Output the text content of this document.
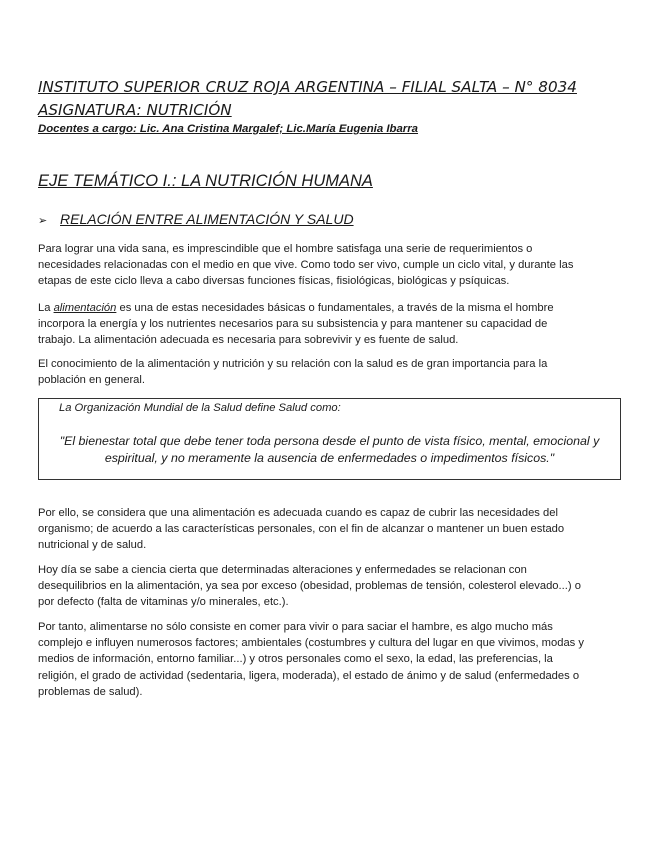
INSTITUTO SUPERIOR CRUZ ROJA ARGENTINA – FILIAL SALTA – N° 8034
ASIGNATURA: NUTRICIÓN
Docentes a cargo: Lic. Ana Cristina Margalef; Lic.María Eugenia Ibarra
EJE TEMÁTICO I.: LA NUTRICIÓN HUMANA
➢ RELACIÓN ENTRE ALIMENTACIÓN Y SALUD

Para lograr una vida sana, es imprescindible que el hombre satisfaga una serie de requerimientos o
necesidades relacionadas con el medio en que vive. Como todo ser vivo, cumple un ciclo vital, y durante las
etapas de este ciclo lleva a cabo diversas funciones físicas, fisiológicas, biológicas y psíquicas.

La alimentación es una de estas necesidades básicas o fundamentales, a través de la misma el hombre
incorpora la energía y los nutrientes necesarios para su subsistencia y para mantener su capacidad de
trabajo. La alimentación adecuada es necesaria para sobrevivir y es fuente de salud.

El conocimiento de la alimentación y nutrición y su relación con la salud es de gran importancia para la
población en general.

La Organización Mundial de la Salud define Salud como:
"El bienestar total que debe tener toda persona desde el punto de vista físico, mental, emocional y
espiritual, y no meramente la ausencia de enfermedades o impedimentos físicos."

Por ello, se considera que una alimentación es adecuada cuando es capaz de cubrir las necesidades del
organismo; de acuerdo a las características personales, con el fin de alcanzar o mantener un buen estado
nutricional y de salud.

Hoy día se sabe a ciencia cierta que determinadas alteraciones y enfermedades se relacionan con
desequilibrios en la alimentación, ya sea por exceso (obesidad, problemas de tensión, colesterol elevado...) o
por defecto (falta de vitaminas y/o minerales, etc.).

Por tanto, alimentarse no sólo consiste en comer para vivir o para saciar el hambre, es algo mucho más
complejo e influyen numerosos factores; ambientales (costumbres y cultura del lugar en que vivimos, modas y
medios de información, entorno familiar...) y otros personales como el sexo, la edad, las preferencias, la
religión, el grado de actividad (sedentaria, ligera, moderada), el estado de ánimo y de salud (enfermedades o
problemas de salud).
